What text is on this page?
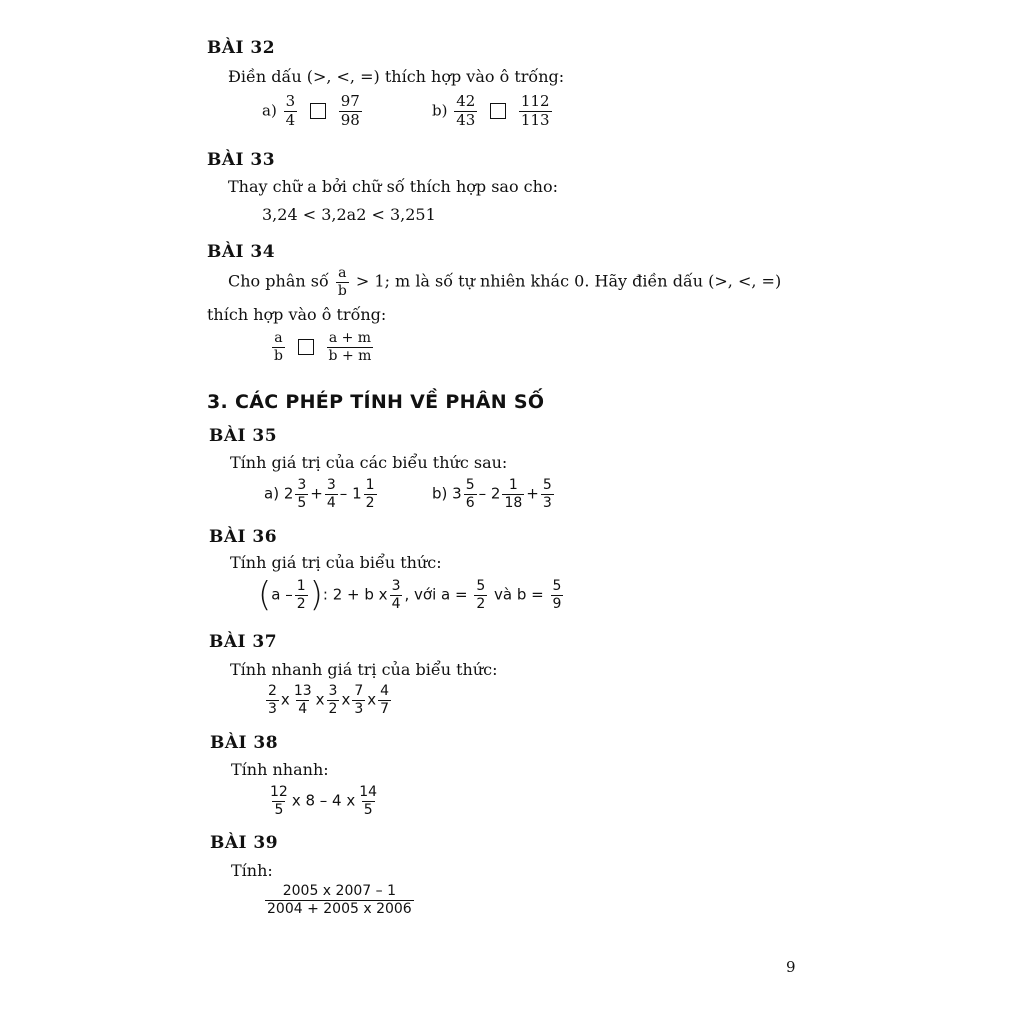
BÀI 32
Điền dấu (>, <, =) thích hợp vào ô trống:
$a) \frac{3}{4}$
	$\frac{97}{98}$	$b) \frac{42}{43}$
	$\frac{112}{113}$
BÀI 33
Thay chữ a bởi chữ số thích hợp sao cho:
3,24 < 3,2a2 < 3,251
BÀI 34
Cho phân số $\frac{a}{b} > 1$; m là số tự nhiên khác 0. Hãy điền dấu (>, <, =)
thích hợp vào ô trống:
$\frac{a}{b}$
	$\frac{a + m}{b + m}$
3. CÁC PHÉP TÍNH VỀ PHÂN SỐ
BÀI 35
Tính giá trị của các biểu thức sau:
a) $2 \frac{3}{5} + \frac{3}{4} - 1 \frac{1}{2}$	b) $3 \frac{5}{6} - 2 \frac{1}{18} + \frac{5}{3}$
BÀI 36
Tính giá trị của biểu thức:
($a - \frac{1}{2}$ ): 2 + b x $\frac{3}{4}$ , với $a = \frac{5}{2}$ và $b = \frac{5}{9}$
BÀI 37
Tính nhanh giá trị của biểu thức:
$\frac{2}{3}$ x $\frac{13}{4}$ x $\frac{3}{2}$ x $\frac{7}{3}$ x $\frac{4}{7}$
BÀI 38
Tính nhanh:
$\frac{12}{5}$ x 8 – 4 x $\frac{14}{5}$
BÀI 39
Tính:
$\frac{2005 x 2007 - 1}{2004 + 2005 x 2006}$
9
